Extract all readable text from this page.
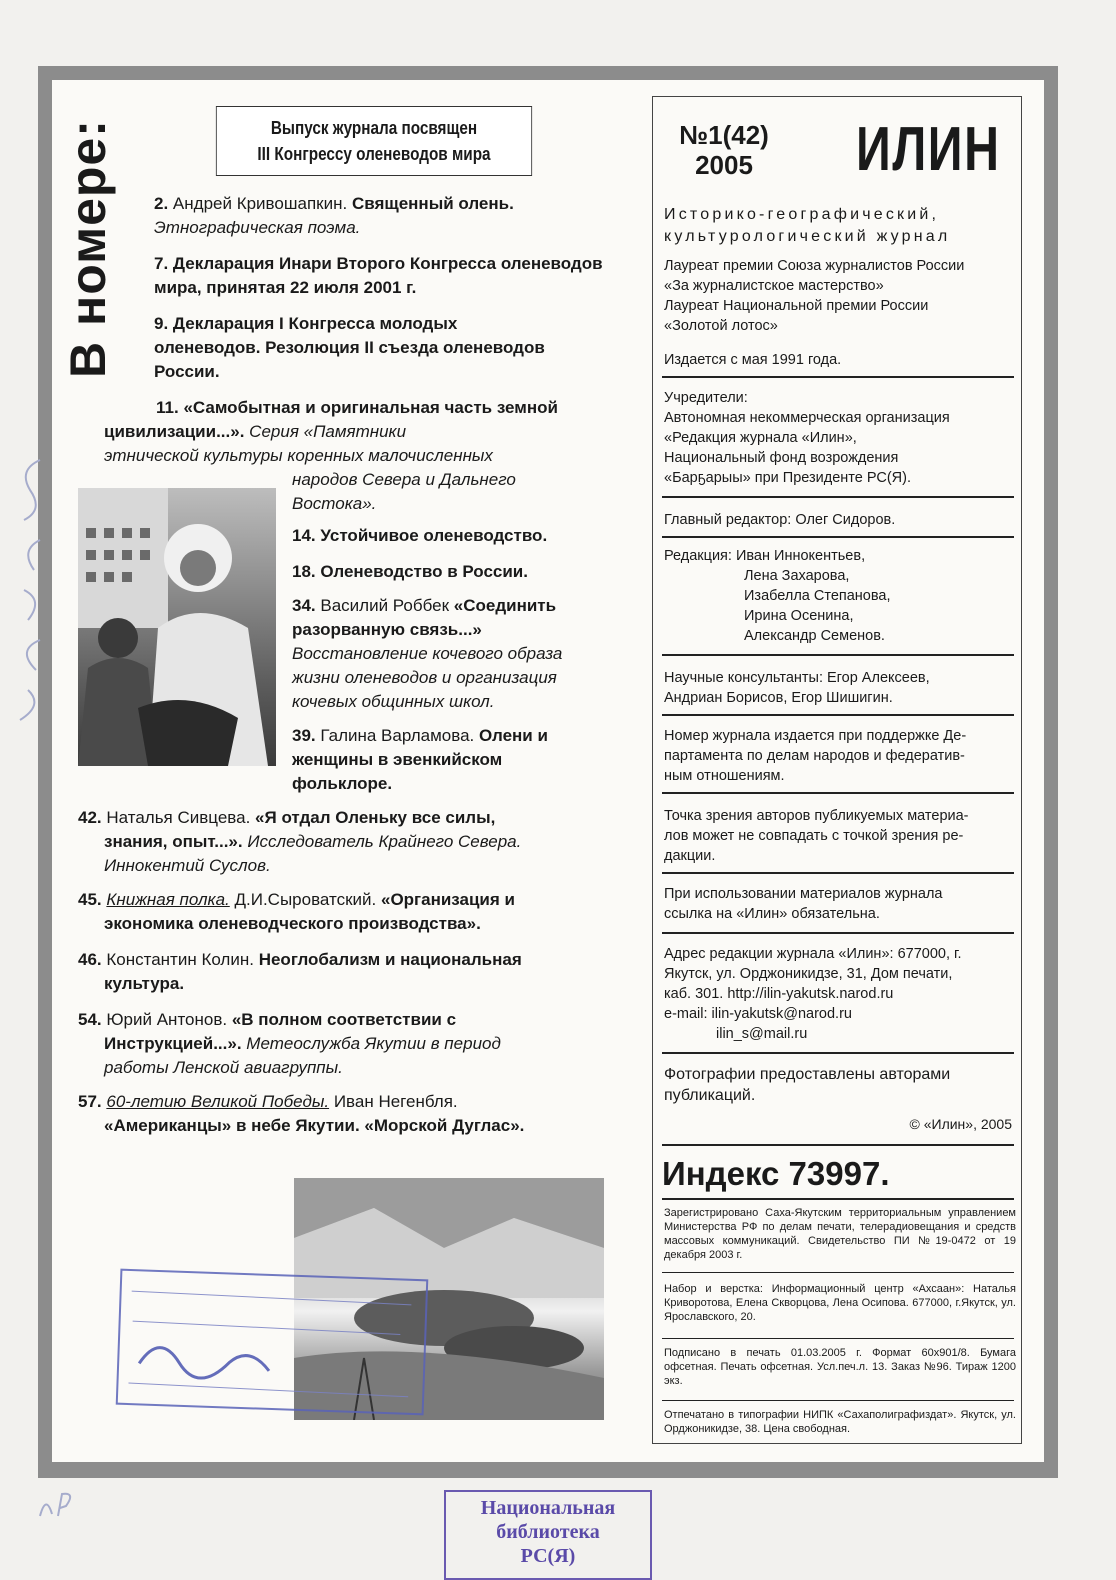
В номере:	Выпуск журнала посвящен
III Конгрессу оленеводов мира
2. Андрей Кривошапкин. Священный олень.
Этнографическая поэма.
7. Декларация Инари Второго Конгресса оленеводов мира, принятая 22 июля 2001 г.
9. Декларация I Конгресса молодых оленеводов. Резолюция II съезда оленеводов России.
11. «Самобытная и оригинальная часть земной цивилизации...». Серия «Памятники
этнической культуры коренных малочисленных
народов Севера и Дальнего
Востока».
14. Устойчивое оленеводство.
18. Оленеводство в России.
34. Василий Роббек «Соединить
разорванную связь...»
Восстановление кочевого образа
жизни оленеводов и организация
кочевых общинных школ.
39. Галина Варламова. Олени и
женщины в эвенкийском
фольклоре.
42. Наталья Сивцева. «Я отдал Оленьку все силы,
знания, опыт...». Исследователь Крайнего Севера.
Иннокентий Суслов.
45. Книжная полка. Д.И.Сыроватский. «Организация и
экономика оленеводческого производства».
46. Константин Колин. Неоглобализм и национальная
культура.
54. Юрий Антонов. «В полном соответствии с
Инструкцией...». Метеослужба Якутии в период
работы Ленской авиагруппы.
57. 60-летию Великой Победы. Иван Негенбля.
«Американцы» в небе Якутии. «Морской Дуглас».
№1(42)
2005	ИЛИН
Историко-географический,
культурологический журнал
Лауреат премии Союза журналистов России
«За журналистское мастерство»
Лауреат Национальной премии России
«Золотой лотос»
Издается с мая 1991 года.
Учредители:
Автономная некоммерческая организация
«Редакция журнала «Илин»,
Национальный фонд возрождения
«Барҕарыы» при Президенте РС(Я).
Главный редактор: Олег Сидоров.
Редакция: Иван Иннокентьев,
Лена Захарова,
Изабелла Степанова,
Ирина Осенина,
Александр Семенов.
Научные консультанты: Егор Алексеев,
Андриан Борисов, Егор Шишигин.
Номер журнала издается при поддержке Де-
партамента по делам народов и федератив-
ным отношениям.
Точка зрения авторов публикуемых материа-
лов может не совпадать с точкой зрения ре-
дакции.
При использовании материалов журнала
ссылка на «Илин» обязательна.
Адрес редакции журнала «Илин»: 677000, г.
Якутск, ул. Орджоникидзе, 31, Дом печати,
каб. 301. http://ilin-yakutsk.narod.ru
e-mail: ilin-yakutsk@narod.ru
ilin_s@mail.ru
Фотографии предоставлены авторами
публикаций.
© «Илин», 2005
Индекс 73997.
Зарегистрировано Саха-Якутским территориальным управлением Министерства РФ по делам печати, телерадиовещания и средств массовых коммуникаций. Свидетельство ПИ №19-0472 от 19 декабря 2003 г.
Набор и верстка: Информационный центр «Ахсаан»: Наталья Криворотова, Елена Скворцова, Лена Осипова. 677000, г.Якутск, ул. Ярославского, 20.
Подписано в печать 01.03.2005 г. Формат 60х901/8. Бумага офсетная. Печать офсетная. Усл.печ.л. 13. Заказ №96. Тираж 1200 экз.
Отпечатано в типографии НИПК «Сахаполиграфиздат». Якутск, ул. Орджоникидзе, 38. Цена свободная.
Национальная
библиотека
РС(Я)
